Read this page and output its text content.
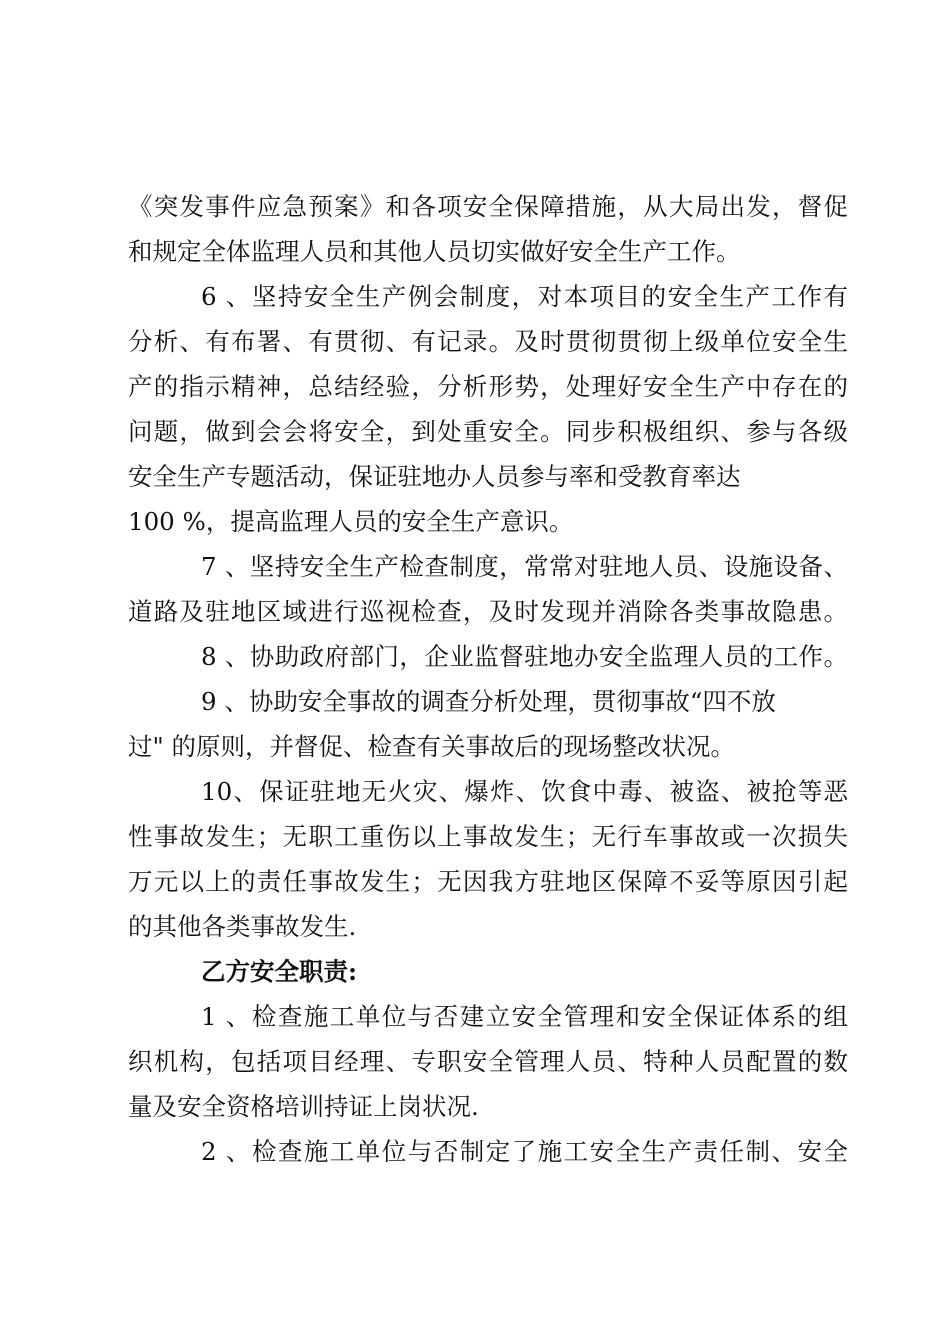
《突发事件应急预案》和各项安全保障措施，从大局出发，督促
和规定全体监理人员和其他人员切实做好安全生产工作。
6 、坚持安全生产例会制度，对本项目的安全生产工作有
分析、有布署、有贯彻、有记录。及时贯彻贯彻上级单位安全生
产的指示精神，总结经验，分析形势，处理好安全生产中存在的
问题，做到会会将安全，到处重安全。同步积极组织、参与各级
安全生产专题活动，保证驻地办人员参与率和受教育率达
100 %，提高监理人员的安全生产意识。
7 、坚持安全生产检查制度，常常对驻地人员、设施设备、
道路及驻地区域进行巡视检查，及时发现并消除各类事故隐患。
8 、协助政府部门，企业监督驻地办安全监理人员的工作。
9 、协助安全事故的调查分析处理，贯彻事故“四不放
过" 的原则，并督促、检查有关事故后的现场整改状况。
10、保证驻地无火灾、爆炸、饮食中毒、被盗、被抢等恶
性事故发生；无职工重伤以上事故发生；无行车事故或一次损失
万元以上的责任事故发生；无因我方驻地区保障不妥等原因引起
的其他各类事故发生.
乙方安全职责:
1 、检查施工单位与否建立安全管理和安全保证体系的组
织机构，包括项目经理、专职安全管理人员、特种人员配置的数
量及安全资格培训持证上岗状况.
2 、检查施工单位与否制定了施工安全生产责任制、安全
